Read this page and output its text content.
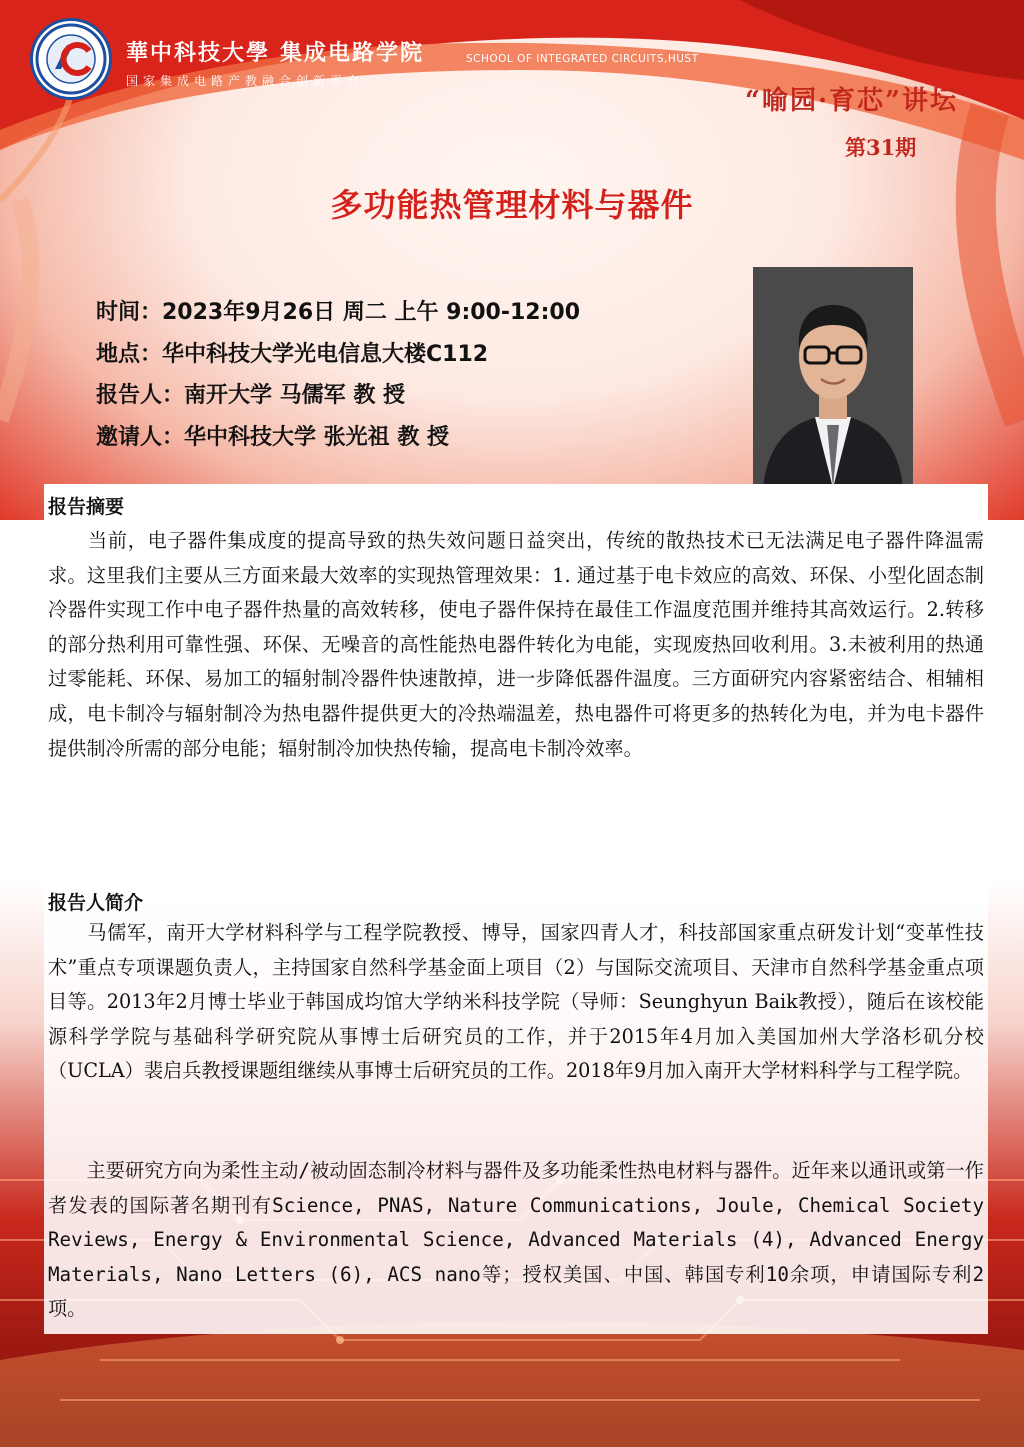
華中科技大學 集成电路学院
国家集成电路产教融合创新平台
SCHOOL OF INTEGRATED CIRCUITS,HUST
“喻园·育芯”讲坛
第31期
多功能热管理材料与器件
时间：2023年9月26日 周二 上午 9:00-12:00
地点：华中科技大学光电信息大楼C112
报告人：南开大学 马儒军 教 授
邀请人：华中科技大学 张光祖 教 授
报告摘要
　　当前，电子器件集成度的提高导致的热失效问题日益突出，传统的散热技术已无法满足电子器件降温需求。这里我们主要从三方面来最大效率的实现热管理效果：1. 通过基于电卡效应的高效、环保、小型化固态制冷器件实现工作中电子器件热量的高效转移，使电子器件保持在最佳工作温度范围并维持其高效运行。2.转移的部分热利用可靠性强、环保、无噪音的高性能热电器件转化为电能，实现废热回收利用。3.未被利用的热通过零能耗、环保、易加工的辐射制冷器件快速散掉，进一步降低器件温度。三方面研究内容紧密结合、相辅相成，电卡制冷与辐射制冷为热电器件提供更大的冷热端温差，热电器件可将更多的热转化为电，并为电卡器件提供制冷所需的部分电能；辐射制冷加快热传输，提高电卡制冷效率。
报告人简介
　　马儒军，南开大学材料科学与工程学院教授、博导，国家四青人才，科技部国家重点研发计划“变革性技术”重点专项课题负责人，主持国家自然科学基金面上项目（2）与国际交流项目、天津市自然科学基金重点项目等。2013年2月博士毕业于韩国成均馆大学纳米科技学院（导师：Seunghyun Baik教授），随后在该校能源科学学院与基础科学研究院从事博士后研究员的工作，并于2015年4月加入美国加州大学洛杉矶分校（UCLA）裴启兵教授课题组继续从事博士后研究员的工作。2018年9月加入南开大学材料科学与工程学院。
　　主要研究方向为柔性主动/被动固态制冷材料与器件及多功能柔性热电材料与器件。近年来以通讯或第一作者发表的国际著名期刊有Science, PNAS, Nature Communications, Joule, Chemical Society Reviews, Energy & Environmental Science, Advanced Materials (4), Advanced Energy Materials, Nano Letters (6), ACS nano等；授权美国、中国、韩国专利10余项，申请国际专利2项。
